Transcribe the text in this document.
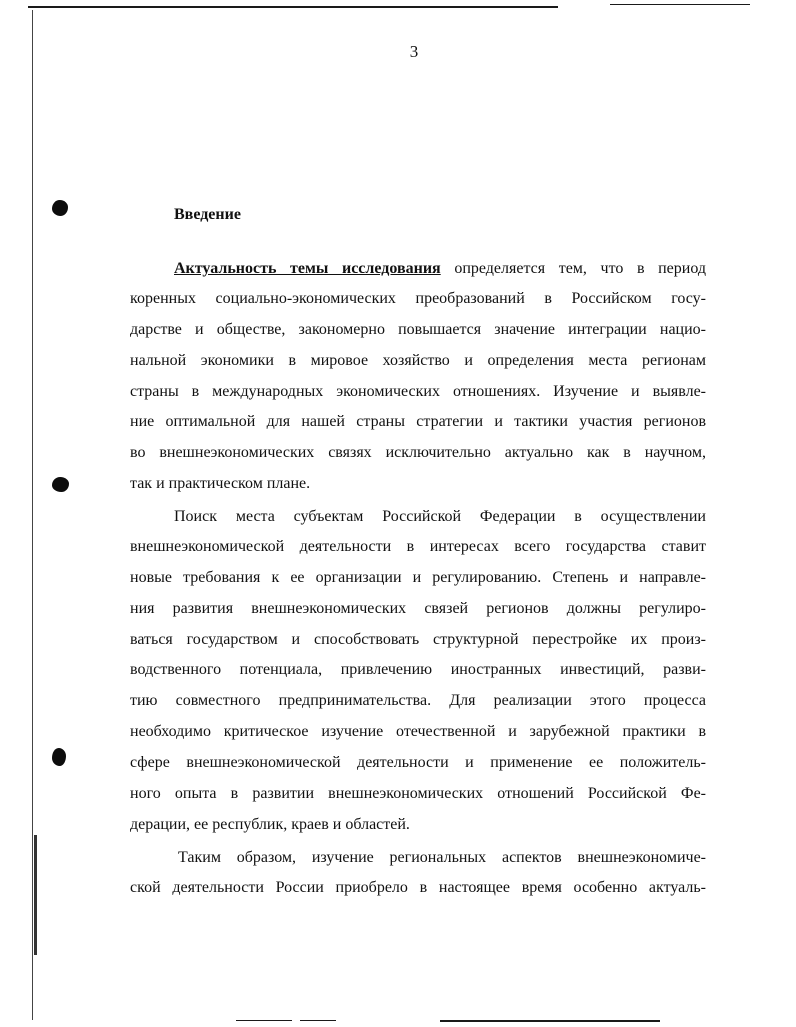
3
Введение

Актуальность темы исследования определяется тем, что в период

коренных социально-экономических преобразований в Российском госу-

дарстве и обществе, закономерно повышается значение интеграции нацио-

нальной экономики в мировое хозяйство и определения места регионам

страны в международных экономических отношениях. Изучение и выявле-

ние оптимальной для нашей страны стратегии и тактики участия регионов

во внешнеэкономических связях исключительно актуально как в научном,

так и практическом плане.

Поиск места субъектам Российской Федерации в осуществлении

внешнеэкономической деятельности в интересах всего государства ставит

новые требования к ее организации и регулированию. Степень и направле-

ния развития внешнеэкономических связей регионов должны регулиро-

ваться государством и способствовать структурной перестройке их произ-

водственного потенциала, привлечению иностранных инвестиций, разви-

тию совместного предпринимательства. Для реализации этого процесса

необходимо критическое изучение отечественной и зарубежной практики в

сфере внешнеэкономической деятельности и применение ее положитель-

ного опыта в развитии внешнеэкономических отношений Российской Фе-

дерации, ее республик, краев и областей.

Таким образом, изучение региональных аспектов внешнеэкономиче-

ской деятельности России приобрело в настоящее время особенно актуаль-
